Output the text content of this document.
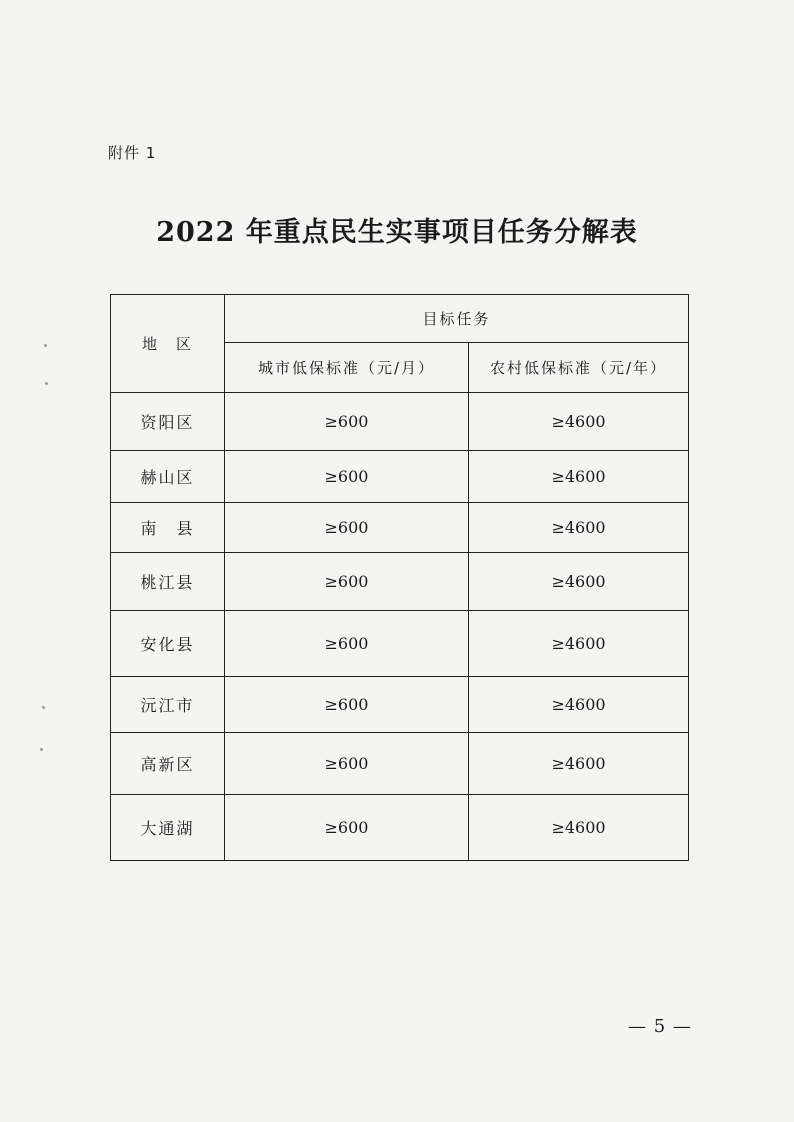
附件 1
2022 年重点民生实事项目任务分解表
地　区	目标任务	
	城市低保标准（元/月）	农村低保标准（元/年）
资阳区	≥600	≥4600
赫山区	≥600	≥4600
南　县	≥600	≥4600
桃江县	≥600	≥4600
安化县	≥600	≥4600
沅江市	≥600	≥4600
高新区	≥600	≥4600
大通湖	≥600	≥4600
— 5 —
